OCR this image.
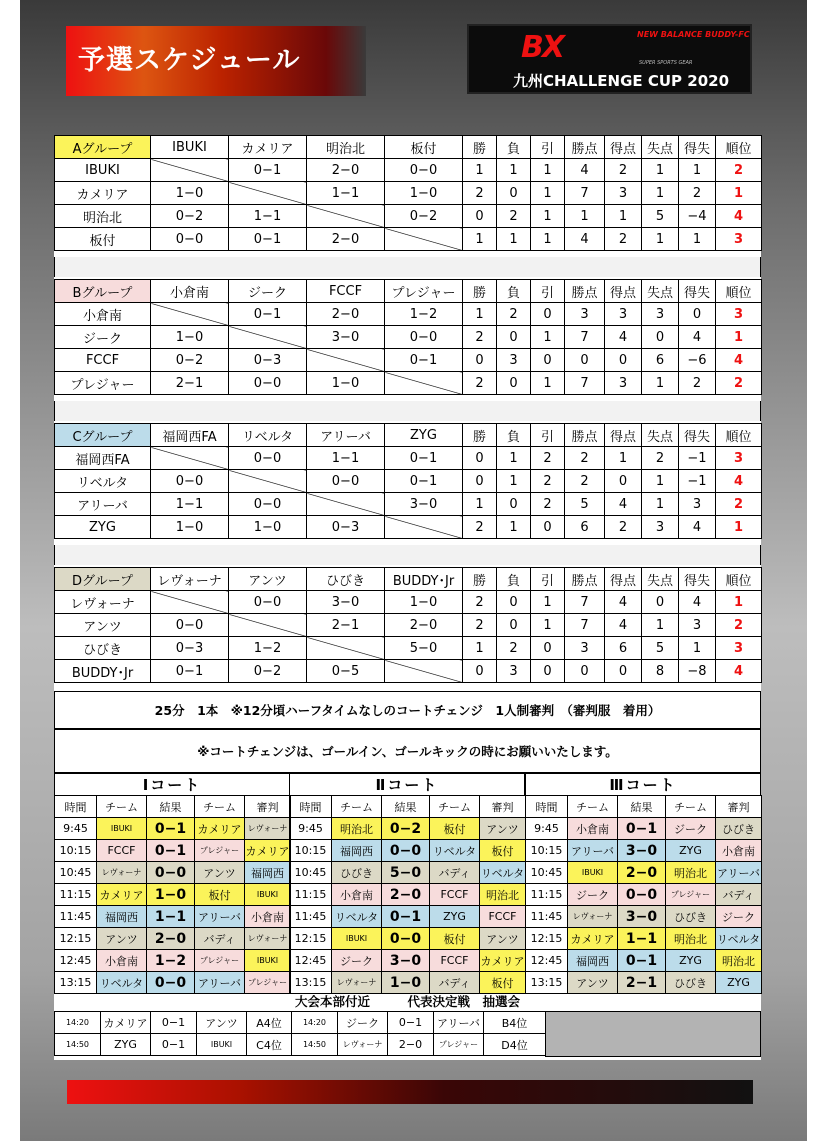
予選スケジュール	BX	NEW BALANCE BUDDY-FC
SUPER SPORTS GEAR
九州CHALLENGE CUP 2020
Aグループ	IBUKI	カメリア	明治北	板付	勝	負	引	勝点	得点	失点	得失	順位
IBUKI		0−1	2−0	0−0	1	1	1	4	2	1	1	2
カメリア	1−0		1−1	1−0	2	0	1	7	3	1	2	1
明治北	0−2	1−1		0−2	0	2	1	1	1	5	−4	4
板付	0−0	0−1	2−0		1	1	1	4	2	1	1	3
Bグループ	小倉南	ジーク	FCCF	プレジャー	勝	負	引	勝点	得点	失点	得失	順位
小倉南		0−1	2−0	1−2	1	2	0	3	3	3	0	3
ジーク	1−0		3−0	0−0	2	0	1	7	4	0	4	1
FCCF	0−2	0−3		0−1	0	3	0	0	0	6	−6	4
プレジャー	2−1	0−0	1−0		2	0	1	7	3	1	2	2
Cグループ	福岡西FA	リベルタ	アリーバ	ZYG	勝	負	引	勝点	得点	失点	得失	順位
福岡西FA		0−0	1−1	0−1	0	1	2	2	1	2	−1	3
リベルタ	0−0		0−0	0−1	0	1	2	2	0	1	−1	4
アリーバ	1−1	0−0		3−0	1	0	2	5	4	1	3	2
ZYG	1−0	1−0	0−3		2	1	0	6	2	3	4	1
Dグループ	レヴォーナ	アンツ	ひびき	BUDDY･Jr	勝	負	引	勝点	得点	失点	得失	順位
レヴォーナ		0−0	3−0	1−0	2	0	1	7	4	0	4	1
アンツ	0−0		2−1	2−0	2	0	1	7	4	1	3	2
ひびき	0−3	1−2		5−0	1	2	0	3	6	5	1	3
BUDDY･Jr	0−1	0−2	0−5		0	3	0	0	0	8	−8	4
25分　1本　※12分頃ハーフタイムなしのコートチェンジ　1人制審判　（審判服　着用）
※コートチェンジは、ゴールイン、ゴールキックの時にお願いいたします。
Ⅰコート
時間	チーム	結果	チーム	審判
9:45	IBUKI	0−1	カメリア	レヴォーナ
10:15	FCCF	0−1	プレジャー	カメリア
10:45	レヴォーナ	0−0	アンツ	福岡西
11:15	カメリア	1−0	板付	IBUKI
11:45	福岡西	1−1	アリーバ	小倉南
12:15	アンツ	2−0	バディ	レヴォーナ
12:45	小倉南	1−2	プレジャー	IBUKI
13:15	リベルタ	0−0	アリーバ	プレジャー
Ⅱコート
時間	チーム	結果	チーム	審判
9:45	明治北	0−2	板付	アンツ
10:15	福岡西	0−0	リベルタ	板付
10:45	ひびき	5−0	バディ	リベルタ
11:15	小倉南	2−0	FCCF	明治北
11:45	リベルタ	0−1	ZYG	FCCF
12:15	IBUKI	0−0	板付	アンツ
12:45	ジーク	3−0	FCCF	カメリア
13:15	レヴォーナ	1−0	バディ	板付
Ⅲコート
時間	チーム	結果	チーム	審判
9:45	小倉南	0−1	ジーク	ひびき
10:15	アリーバ	3−0	ZYG	小倉南
10:45	IBUKI	2−0	明治北	アリーバ
11:15	ジーク	0−0	プレジャー	バディ
11:45	レヴォーナ	3−0	ひびき	ジーク
12:15	カメリア	1−1	明治北	リベルタ
12:45	福岡西	0−1	ZYG	明治北
13:15	アンツ	2−1	ひびき	ZYG
大会本部付近　　　代表決定戦　抽選会
14:20	カメリア	0−1	アンツ	A4位	14:20	ジーク	0−1	アリーバ	B4位
14:50	ZYG	0−1	IBUKI	C4位	14:50	レヴォーナ	2−0	プレジャー	D4位
